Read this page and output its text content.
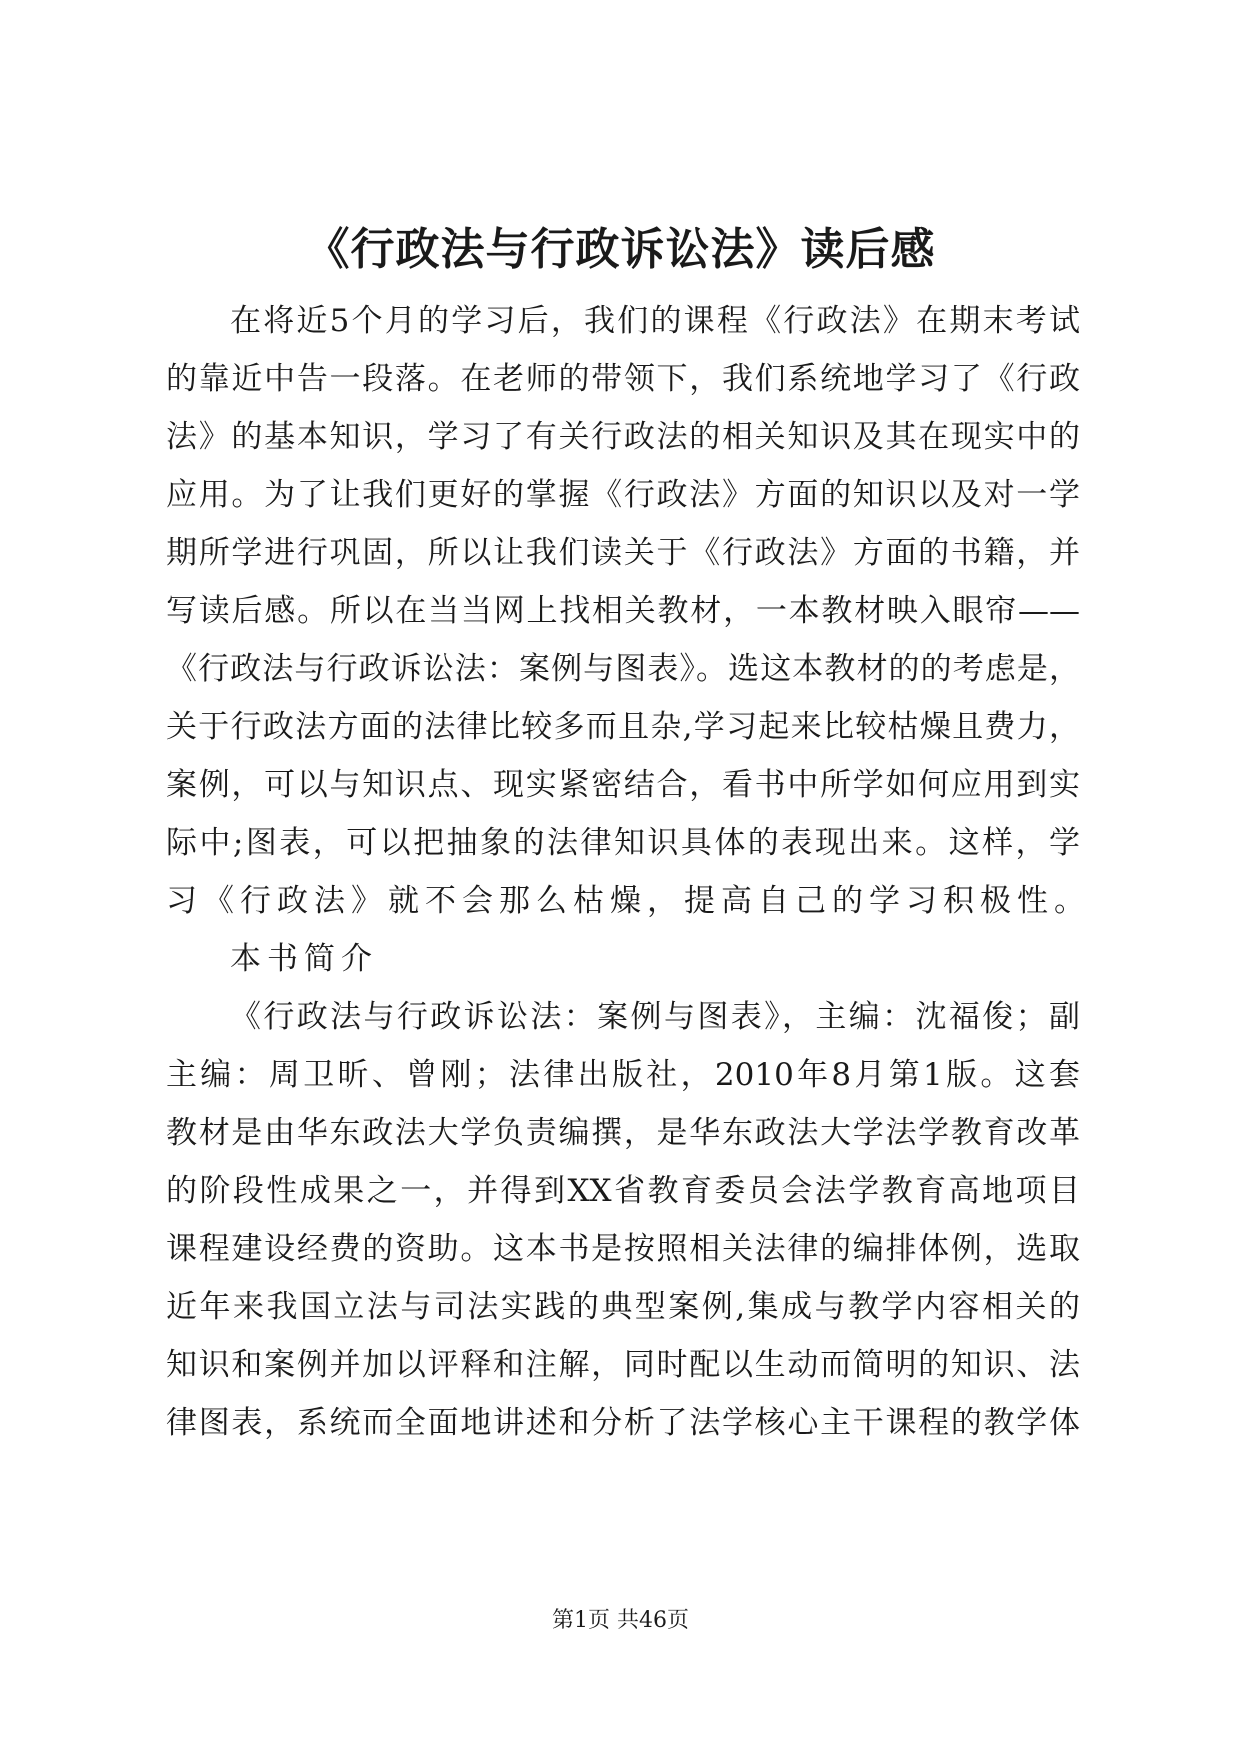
《行政法与行政诉讼法》读后感
在将近5个月的学习后，我们的课程《行政法》在期末考试
的靠近中告一段落。在老师的带领下，我们系统地学习了《行政
法》的基本知识，学习了有关行政法的相关知识及其在现实中的
应用。为了让我们更好的掌握《行政法》方面的知识以及对一学
期所学进行巩固，所以让我们读关于《行政法》方面的书籍，并
写读后感。所以在当当网上找相关教材，一本教材映入眼帘——
《行政法与行政诉讼法：案例与图表》。选这本教材的的考虑是，
关于行政法方面的法律比较多而且杂,学习起来比较枯燥且费力，
案例，可以与知识点、现实紧密结合，看书中所学如何应用到实
际中;图表，可以把抽象的法律知识具体的表现出来。这样，学
习《行政法》就不会那么枯燥，提高自己的学习积极性。
本书简介
《行政法与行政诉讼法：案例与图表》，主编：沈福俊；副
主编：周卫昕、曾刚；法律出版社，2010年8月第1版。这套
教材是由华东政法大学负责编撰，是华东政法大学法学教育改革
的阶段性成果之一，并得到XX省教育委员会法学教育高地项目
课程建设经费的资助。这本书是按照相关法律的编排体例，选取
近年来我国立法与司法实践的典型案例,集成与教学内容相关的
知识和案例并加以评释和注解，同时配以生动而简明的知识、法
律图表，系统而全面地讲述和分析了法学核心主干课程的教学体
第1页 共46页
